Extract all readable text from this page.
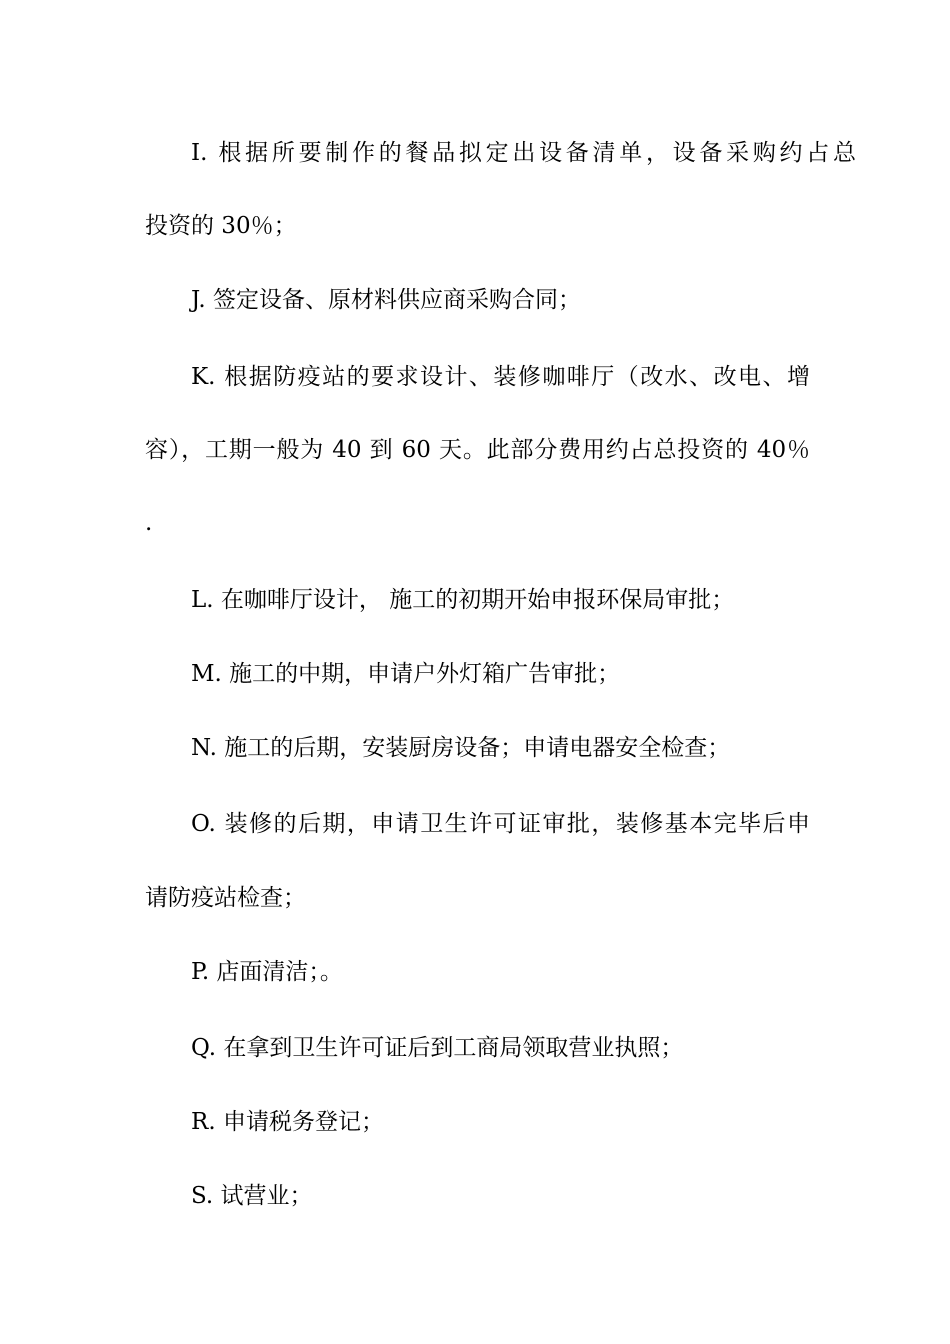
I. 根据所要制作的餐品拟定出设备清单，设备采购约占总
投资的 30％；
J. 签定设备、原材料供应商采购合同；
K. 根据防疫站的要求设计、装修咖啡厅（改水、改电、增
容），工期一般为 40 到 60 天。此部分费用约占总投资的 40％
.
L. 在咖啡厅设计， 施工的初期开始申报环保局审批；
M. 施工的中期，申请户外灯箱广告审批；
N. 施工的后期，安装厨房设备；申请电器安全检查；
O. 装修的后期，申请卫生许可证审批，装修基本完毕后申
请防疫站检查；
P. 店面清洁；。
Q. 在拿到卫生许可证后到工商局领取营业执照；
R. 申请税务登记；
S. 试营业；
